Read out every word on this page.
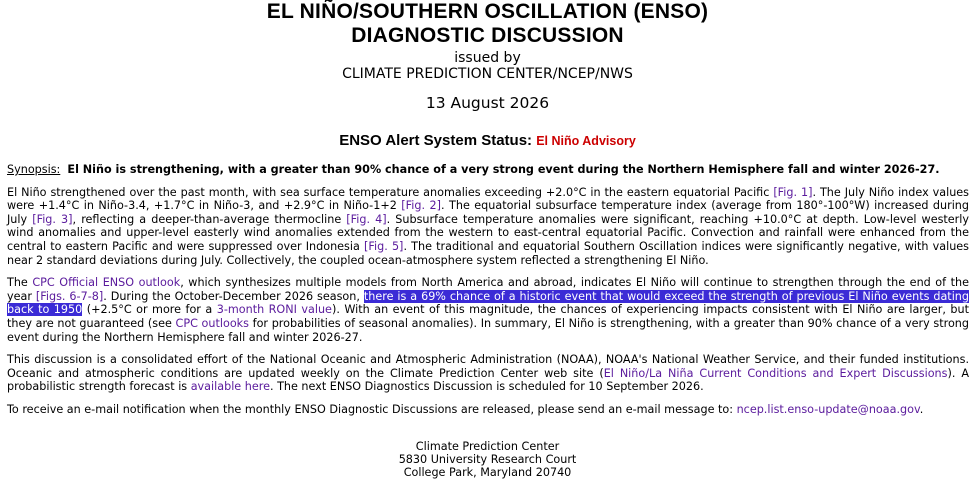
EL NIÑO/SOUTHERN OSCILLATION (ENSO)
DIAGNOSTIC DISCUSSION
issued by
CLIMATE PREDICTION CENTER/NCEP/NWS
13 August 2026
ENSO Alert System Status: El Niño Advisory

Synopsis: El Niño is strengthening, with a greater than 90% chance of a very strong event during the Northern Hemisphere fall and winter 2026-27.

El Niño strengthened over the past month, with sea surface temperature anomalies exceeding +2.0°C in the eastern equatorial Pacific [Fig. 1]. The July Niño index values were +1.4°C in Niño-3.4, +1.7°C in Niño-3, and +2.9°C in Niño-1+2 [Fig. 2]. The equatorial subsurface temperature index (average from 180°-100°W) increased during July [Fig. 3], reflecting a deeper-than-average thermocline [Fig. 4]. Subsurface temperature anomalies were significant, reaching +10.0°C at depth. Low-level westerly wind anomalies and upper-level easterly wind anomalies extended from the western to east-central equatorial Pacific. Convection and rainfall were enhanced from the central to eastern Pacific and were suppressed over Indonesia [Fig. 5]. The traditional and equatorial Southern Oscillation indices were significantly negative, with values near 2 standard deviations during July. Collectively, the coupled ocean-atmosphere system reflected a strengthening El Niño.

The CPC Official ENSO outlook, which synthesizes multiple models from North America and abroad, indicates El Niño will continue to strengthen through the end of the year [Figs. 6-7-8]. During the October-December 2026 season, there is a 69% chance of a historic event that would exceed the strength of previous El Niño events dating back to 1950 (+2.5°C or more for a 3-month RONI value). With an event of this magnitude, the chances of experiencing impacts consistent with El Niño are larger, but they are not guaranteed (see CPC outlooks for probabilities of seasonal anomalies). In summary, El Niño is strengthening, with a greater than 90% chance of a very strong event during the Northern Hemisphere fall and winter 2026-27.

This discussion is a consolidated effort of the National Oceanic and Atmospheric Administration (NOAA), NOAA's National Weather Service, and their funded institutions. Oceanic and atmospheric conditions are updated weekly on the Climate Prediction Center web site (El Niño/La Niña Current Conditions and Expert Discussions). A probabilistic strength forecast is available here. The next ENSO Diagnostics Discussion is scheduled for 10 September 2026.

To receive an e-mail notification when the monthly ENSO Diagnostic Discussions are released, please send an e-mail message to: ncep.list.enso-update@noaa.gov.

Climate Prediction Center
5830 University Research Court
College Park, Maryland 20740
